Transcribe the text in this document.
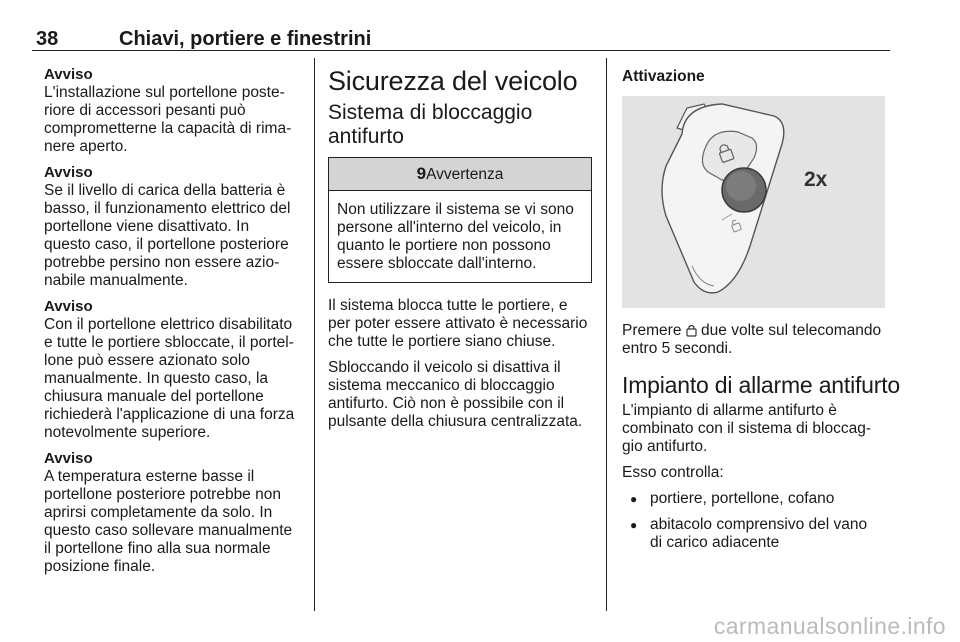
38	Chiavi, portiere e finestrini
Avviso
L'installazione sul portellone poste-
riore di accessori pesanti può
comprometterne la capacità di rima-
nere aperto.
Avviso
Se il livello di carica della batteria è
basso, il funzionamento elettrico del
portellone viene disattivato. In
questo caso, il portellone posteriore
potrebbe persino non essere azio-
nabile manualmente.
Avviso
Con il portellone elettrico disabilitato
e tutte le portiere sbloccate, il portel-
lone può essere azionato solo
manualmente. In questo caso, la
chiusura manuale del portellone
richiederà l'applicazione di una forza
notevolmente superiore.
Avviso
A temperatura esterne basse il
portellone posteriore potrebbe non
aprirsi completamente da solo. In
questo caso sollevare manualmente
il portellone fino alla sua normale
posizione finale.
Sicurezza del veicolo
Sistema di bloccaggio
antifurto
9Avvertenza
Non utilizzare il sistema se vi sono
persone all'interno del veicolo, in
quanto le portiere non possono
essere sbloccate dall'interno.

Il sistema blocca tutte le portiere, e
per poter essere attivato è necessario
che tutte le portiere siano chiuse.

Sbloccando il veicolo si disattiva il
sistema meccanico di bloccaggio
antifurto. Ciò non è possibile con il
pulsante della chiusura centralizzata.

Attivazione
2x

Premere  due volte sul telecomando
entro 5 secondi.

Impianto di allarme antifurto

L'impianto di allarme antifurto è
combinato con il sistema di bloccag-
gio antifurto.

Esso controlla:

● portiere, portellone, cofano
● abitacolo comprensivo del vano
di carico adiacente
carmanualsonline.info
